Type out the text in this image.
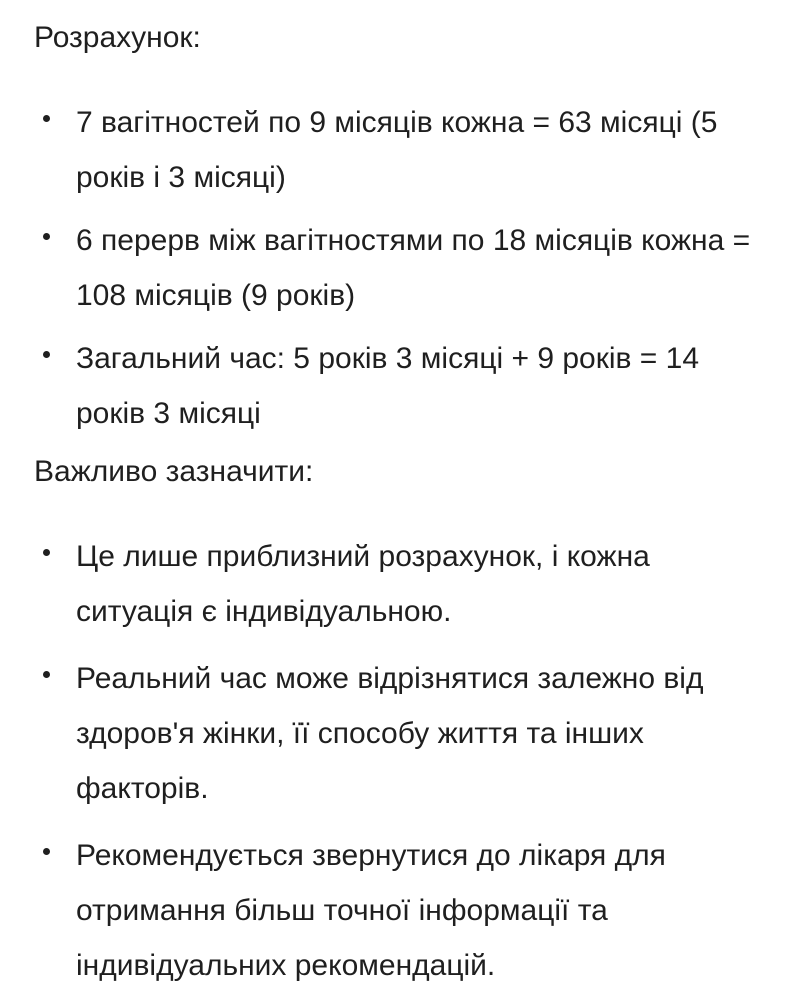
Розрахунок:
7 вагітностей по 9 місяців кожна = 63 місяці (5 років і 3 місяці)
6 перерв між вагітностями по 18 місяців кожна = 108 місяців (9 років)
Загальний час: 5 років 3 місяці + 9 років = 14 років 3 місяці
Важливо зазначити:
Це лише приблизний розрахунок, і кожна ситуація є індивідуальною.
Реальний час може відрізнятися залежно від здоров'я жінки, її способу життя та інших факторів.
Рекомендується звернутися до лікаря для отримання більш точної інформації та індивідуальних рекомендацій.
